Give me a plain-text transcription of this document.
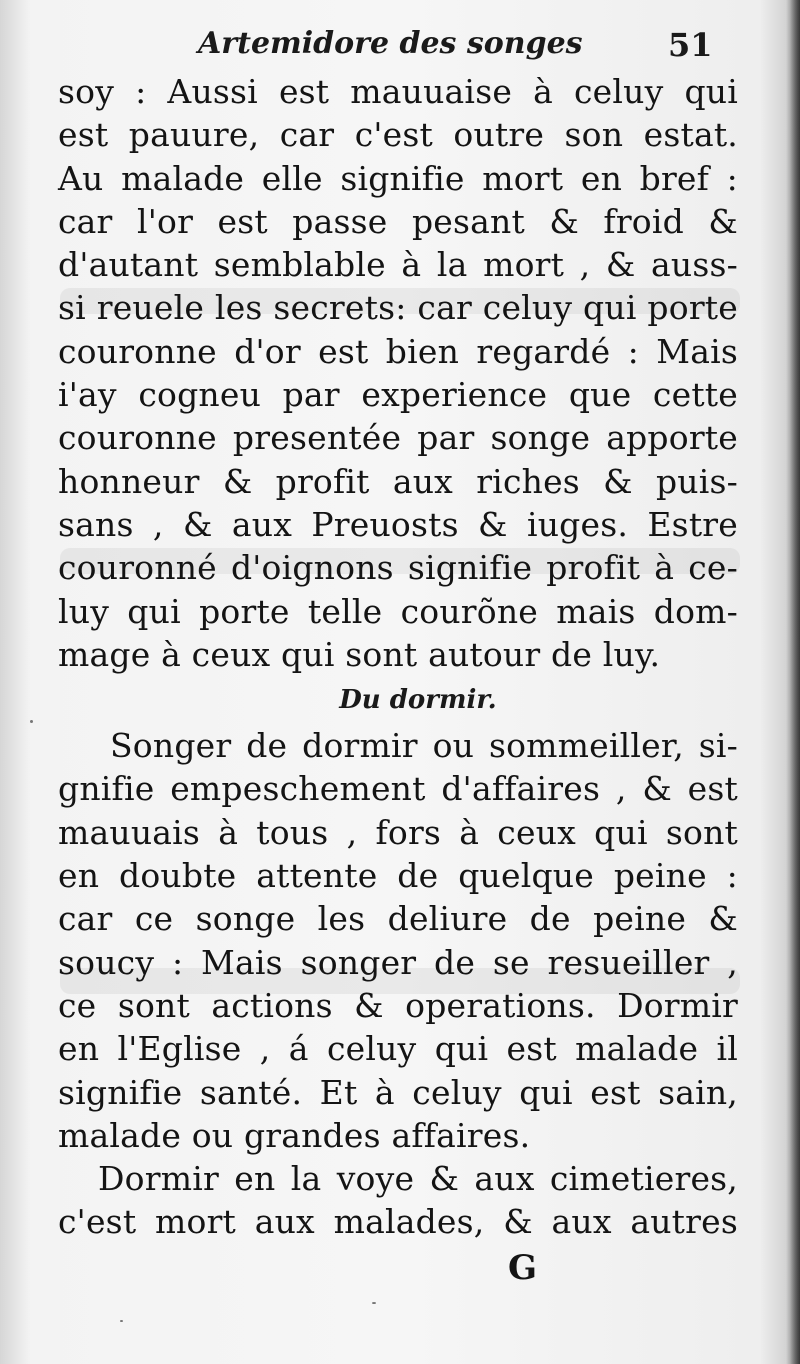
Artemidore des songes	51
soy : Aussi est mauuaise à celuy qui
est pauure, car c'est outre son estat.
Au malade elle signifie mort en bref :
car l'or est passe pesant & froid &
d'autant semblable à la mort , & auss-
si reuele les secrets: car celuy qui porte
couronne d'or est bien regardé : Mais
i'ay cogneu par experience que cette
couronne presentée par songe apporte
honneur & profit aux riches & puis-
sans , & aux Preuosts & iuges. Estre
couronné d'oignons signifie profit à ce-
luy qui porte telle courõne mais dom-
mage à ceux qui sont autour de luy.
Du dormir.
Songer de dormir ou sommeiller, si-
gnifie empeschement d'affaires , & est
mauuais à tous , fors à ceux qui sont
en doubte attente de quelque peine :
car ce songe les deliure de peine &
soucy : Mais songer de se resueiller ,
ce sont actions & operations. Dormir
en l'Eglise , á celuy qui est malade il
signifie santé. Et à celuy qui est sain,
malade ou grandes affaires.
Dormir en la voye & aux cimetieres,
c'est mort aux malades, & aux autres
G
